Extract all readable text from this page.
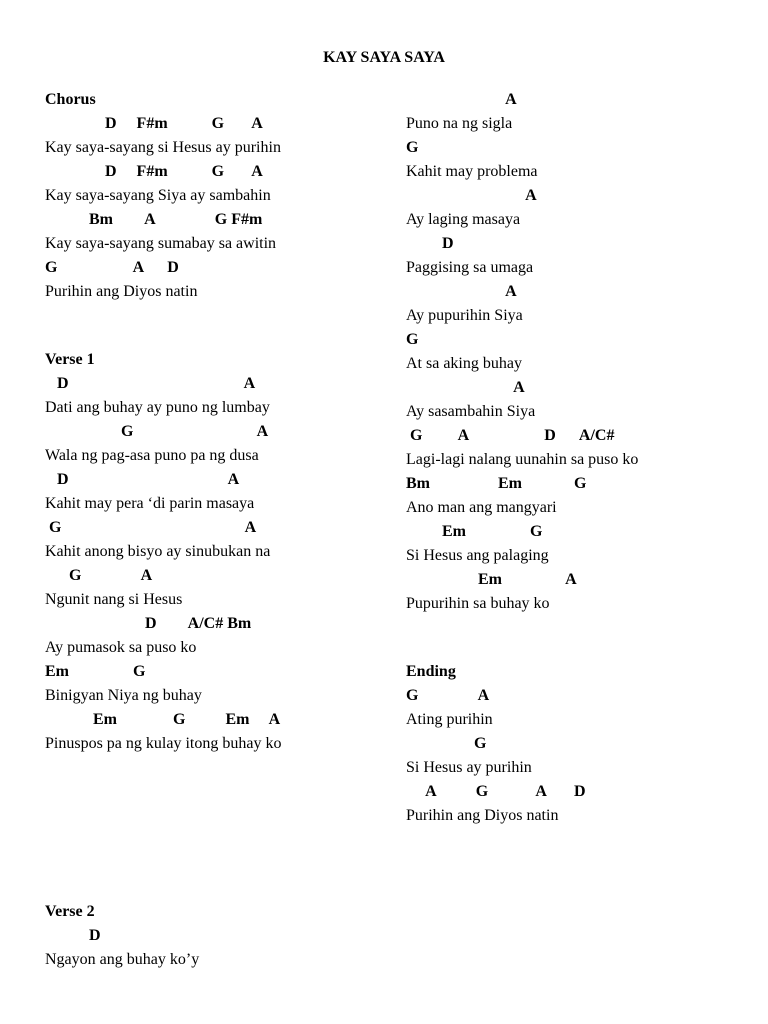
KAY SAYA SAYA
Chorus
D     F#m           G       A
Kay saya-sayang si Hesus ay purihin
D     F#m           G       A
Kay saya-sayang Siya ay sambahin
Bm        A               G F#m
Kay saya-sayang sumabay sa awitin
G                   A      D
Purihin ang Diyos natin
Verse 1
D                                            A
Dati ang buhay ay puno ng lumbay
G                               A
Wala ng pag-asa puno pa ng dusa
D                                        A
Kahit may pera ‘di parin masaya
G                                              A
Kahit anong bisyo ay sinubukan na
G               A
Ngunit nang si Hesus
D        A/C# Bm
Ay pumasok sa puso ko
Em                G
Binigyan Niya ng buhay
Em              G          Em     A
Pinuspos pa ng kulay itong buhay ko
Verse 2
D
Ngayon ang buhay ko’y
A
Puno na ng sigla
G
Kahit may problema
A
Ay laging masaya
D
Paggising sa umaga
A
Ay pupurihin Siya
G
At sa aking buhay
A
Ay sasambahin Siya
G         A                   D      A/C#
Lagi-lagi nalang uunahin sa puso ko
Bm                 Em             G
Ano man ang mangyari
Em                G
Si Hesus ang palaging
Em                A
Pupurihin sa buhay ko
Ending
G               A
Ating purihin
G
Si Hesus ay purihin
A          G            A       D
Purihin ang Diyos natin
